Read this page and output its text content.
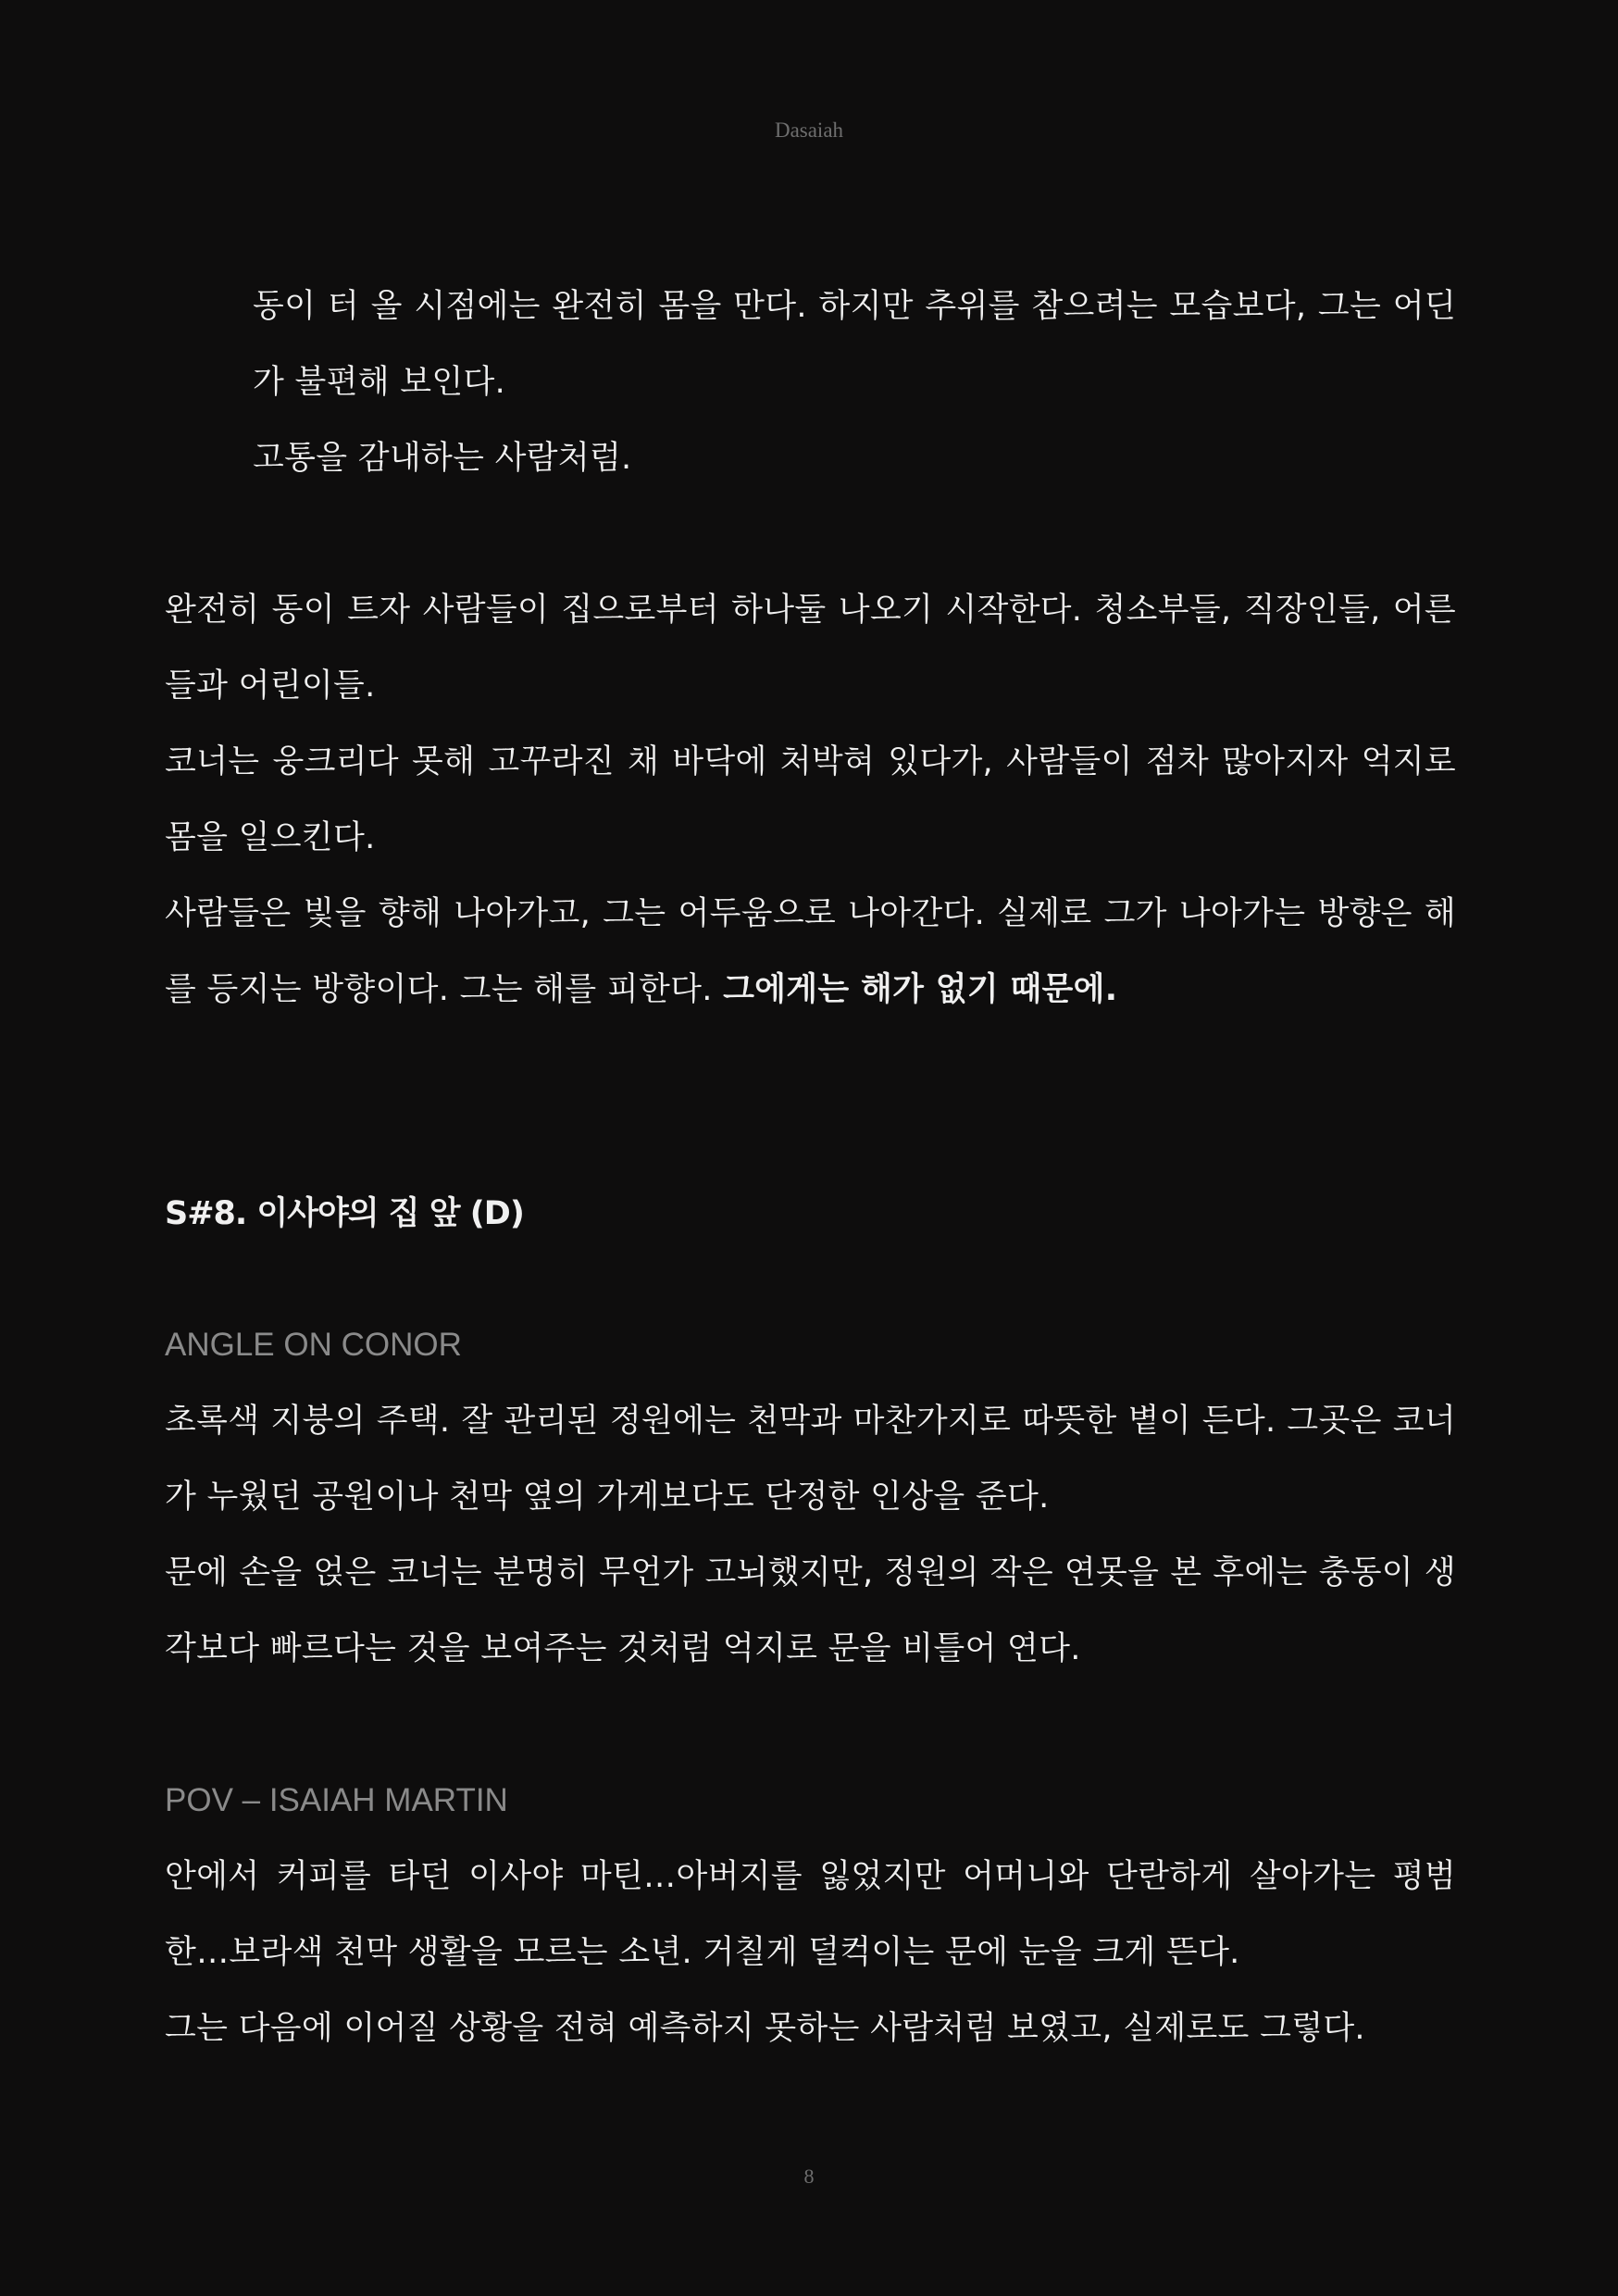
Dasaiah

동이 터 올 시점에는 완전히 몸을 만다. 하지만 추위를 참으려는 모습보다, 그는 어딘가 불편해 보인다.

고통을 감내하는 사람처럼.

완전히 동이 트자 사람들이 집으로부터 하나둘 나오기 시작한다. 청소부들, 직장인들, 어른들과 어린이들.

코너는 웅크리다 못해 고꾸라진 채 바닥에 처박혀 있다가, 사람들이 점차 많아지자 억지로 몸을 일으킨다.

사람들은 빛을 향해 나아가고, 그는 어두움으로 나아간다. 실제로 그가 나아가는 방향은 해를 등지는 방향이다. 그는 해를 피한다. 그에게는 해가 없기 때문에.

S#8. 이사야의 집 앞 (D)

ANGLE ON CONOR

초록색 지붕의 주택. 잘 관리된 정원에는 천막과 마찬가지로 따뜻한 볕이 든다. 그곳은 코너가 누웠던 공원이나 천막 옆의 가게보다도 단정한 인상을 준다.

문에 손을 얹은 코너는 분명히 무언가 고뇌했지만, 정원의 작은 연못을 본 후에는 충동이 생각보다 빠르다는 것을 보여주는 것처럼 억지로 문을 비틀어 연다.

POV – ISAIAH MARTIN

안에서 커피를 타던 이사야 마틴…아버지를 잃었지만 어머니와 단란하게 살아가는 평범한…보라색 천막 생활을 모르는 소년. 거칠게 덜컥이는 문에 눈을 크게 뜬다.

그는 다음에 이어질 상황을 전혀 예측하지 못하는 사람처럼 보였고, 실제로도 그렇다.

8
